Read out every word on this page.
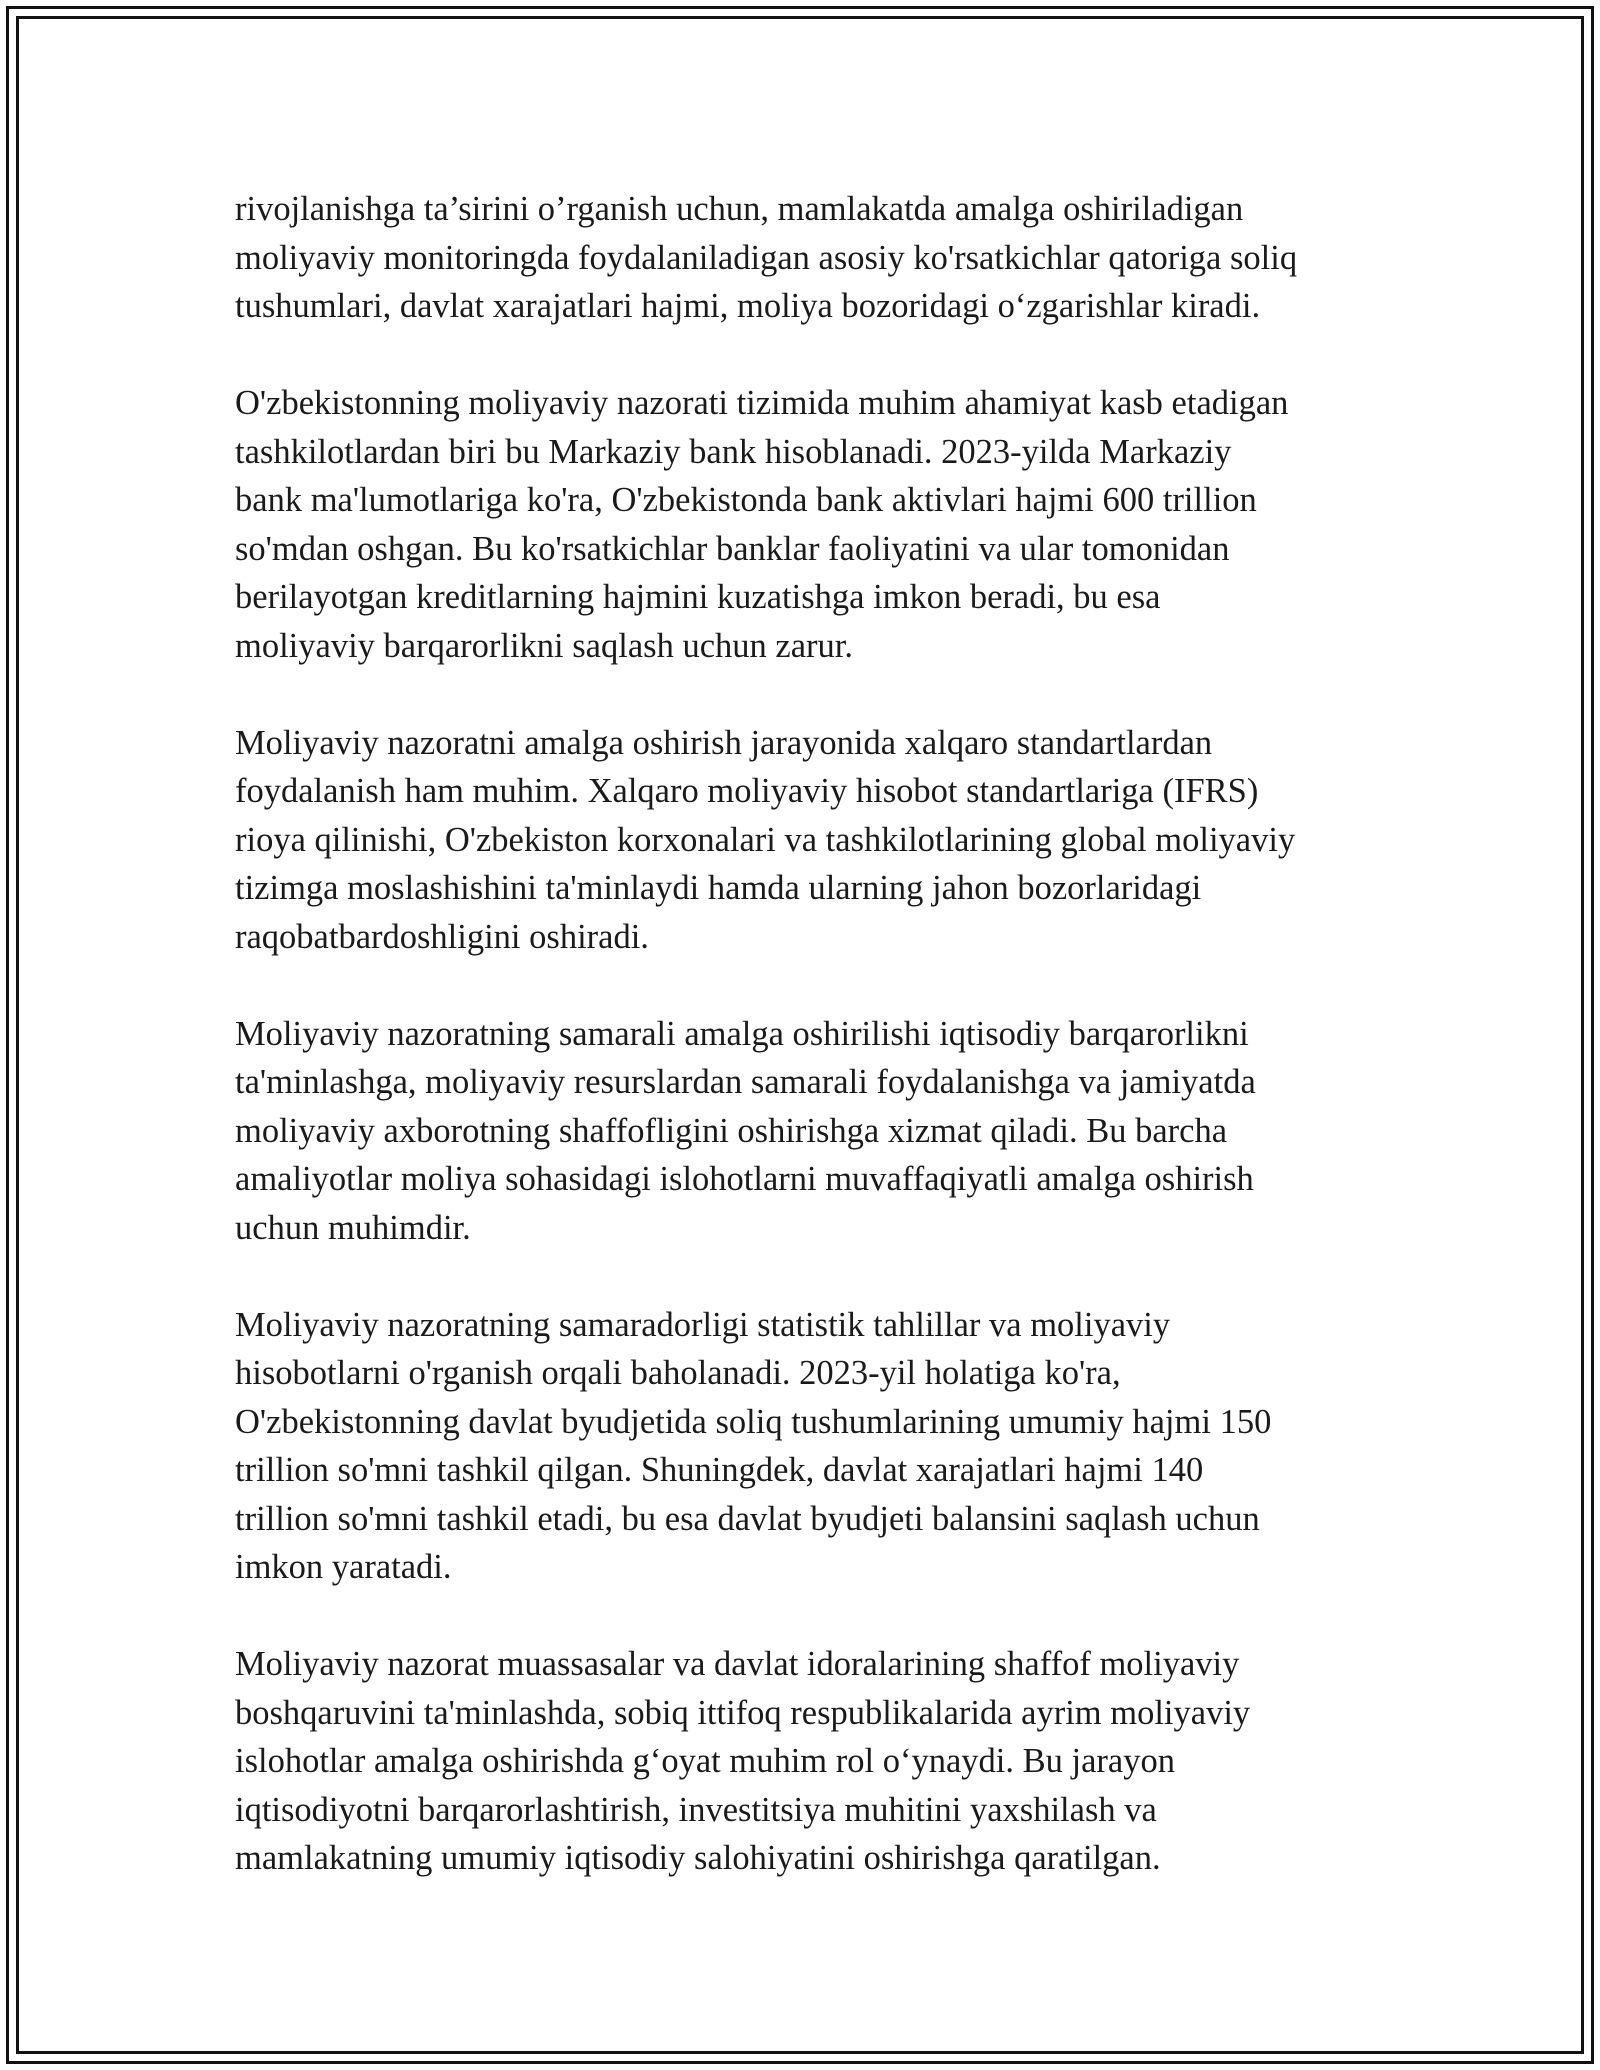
rivojlanishga ta’sirini o’rganish uchun, mamlakatda amalga oshiriladigan
moliyaviy monitoringda foydalaniladigan asosiy ko'rsatkichlar qatoriga soliq
tushumlari, davlat xarajatlari hajmi, moliya bozoridagi o‘zgarishlar kiradi.

O'zbekistonning moliyaviy nazorati tizimida muhim ahamiyat kasb etadigan
tashkilotlardan biri bu Markaziy bank hisoblanadi. 2023-yilda Markaziy
bank ma'lumotlariga ko'ra, O'zbekistonda bank aktivlari hajmi 600 trillion
so'mdan oshgan. Bu ko'rsatkichlar banklar faoliyatini va ular tomonidan
berilayotgan kreditlarning hajmini kuzatishga imkon beradi, bu esa
moliyaviy barqarorlikni saqlash uchun zarur.

Moliyaviy nazoratni amalga oshirish jarayonida xalqaro standartlardan
foydalanish ham muhim. Xalqaro moliyaviy hisobot standartlariga (IFRS)
rioya qilinishi, O'zbekiston korxonalari va tashkilotlarining global moliyaviy
tizimga moslashishini ta'minlaydi hamda ularning jahon bozorlaridagi
raqobatbardoshligini oshiradi.

Moliyaviy nazoratning samarali amalga oshirilishi iqtisodiy barqarorlikni
ta'minlashga, moliyaviy resurslardan samarali foydalanishga va jamiyatda
moliyaviy axborotning shaffofligini oshirishga xizmat qiladi. Bu barcha
amaliyotlar moliya sohasidagi islohotlarni muvaffaqiyatli amalga oshirish
uchun muhimdir.

Moliyaviy nazoratning samaradorligi statistik tahlillar va moliyaviy
hisobotlarni o'rganish orqali baholanadi. 2023-yil holatiga ko'ra,
O'zbekistonning davlat byudjetida soliq tushumlarining umumiy hajmi 150
trillion so'mni tashkil qilgan. Shuningdek, davlat xarajatlari hajmi 140
trillion so'mni tashkil etadi, bu esa davlat byudjeti balansini saqlash uchun
imkon yaratadi.

Moliyaviy nazorat muassasalar va davlat idoralarining shaffof moliyaviy
boshqaruvini ta'minlashda, sobiq ittifoq respublikalarida ayrim moliyaviy
islohotlar amalga oshirishda g‘oyat muhim rol o‘ynaydi. Bu jarayon
iqtisodiyotni barqarorlashtirish, investitsiya muhitini yaxshilash va
mamlakatning umumiy iqtisodiy salohiyatini oshirishga qaratilgan.
